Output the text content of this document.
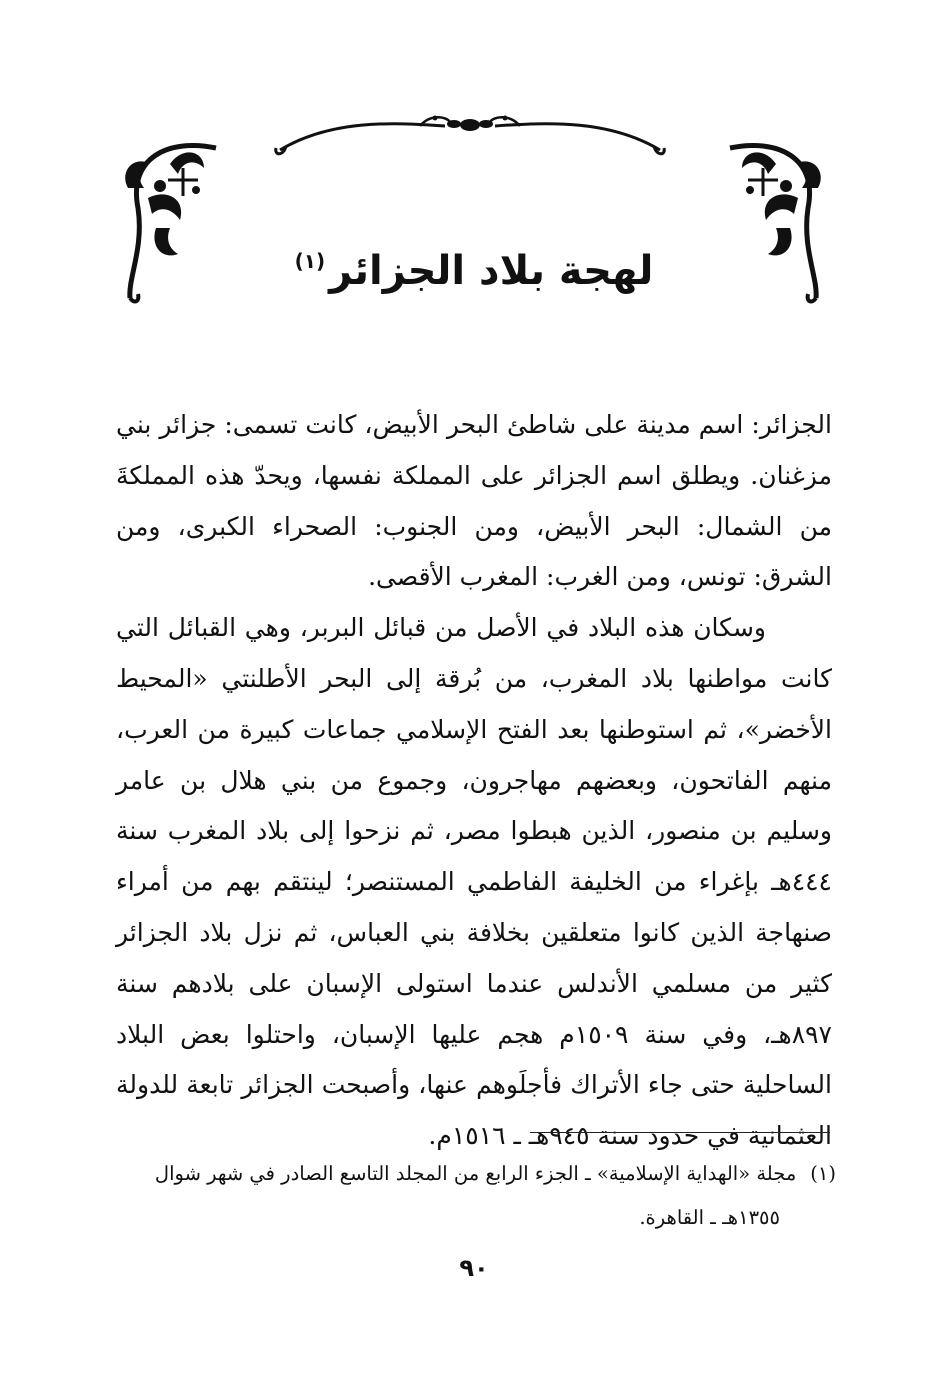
لهجة بلاد الجزائر$^{(١)}$

الجزائر: اسم مدينة على شاطئ البحر الأبيض، كانت تسمى: جزائر بني مزغنان. ويطلق اسم الجزائر على المملكة نفسها، ويحدّ هذه المملكةَ من الشمال: البحر الأبيض، ومن الجنوب: الصحراء الكبرى، ومن الشرق: تونس، ومن الغرب: المغرب الأقصى.

وسكان هذه البلاد في الأصل من قبائل البربر، وهي القبائل التي كانت مواطنها بلاد المغرب، من بُرقة إلى البحر الأطلنتي «المحيط الأخضر»، ثم استوطنها بعد الفتح الإسلامي جماعات كبيرة من العرب، منهم الفاتحون، وبعضهم مهاجرون، وجموع من بني هلال بن عامر وسليم بن منصور، الذين هبطوا مصر، ثم نزحوا إلى بلاد المغرب سنة ٤٤٤هـ بإغراء من الخليفة الفاطمي المستنصر؛ لينتقم بهم من أمراء صنهاجة الذين كانوا متعلقين بخلافة بني العباس، ثم نزل بلاد الجزائر كثير من مسلمي الأندلس عندما استولى الإسبان على بلادهم سنة ٨٩٧هـ، وفي سنة ١٥٠٩م هجم عليها الإسبان، واحتلوا بعض البلاد الساحلية حتى جاء الأتراك فأجلَوهم عنها، وأصبحت الجزائر تابعة للدولة العثمانية في حدود سنة ٩٤٥هـ ـ ١٥١٦م.

(١)مجلة «الهداية الإسلامية» ـ الجزء الرابع من المجلد التاسع الصادر في شهر شوال

١٣٥٥هـ ـ القاهرة.

٩٠
